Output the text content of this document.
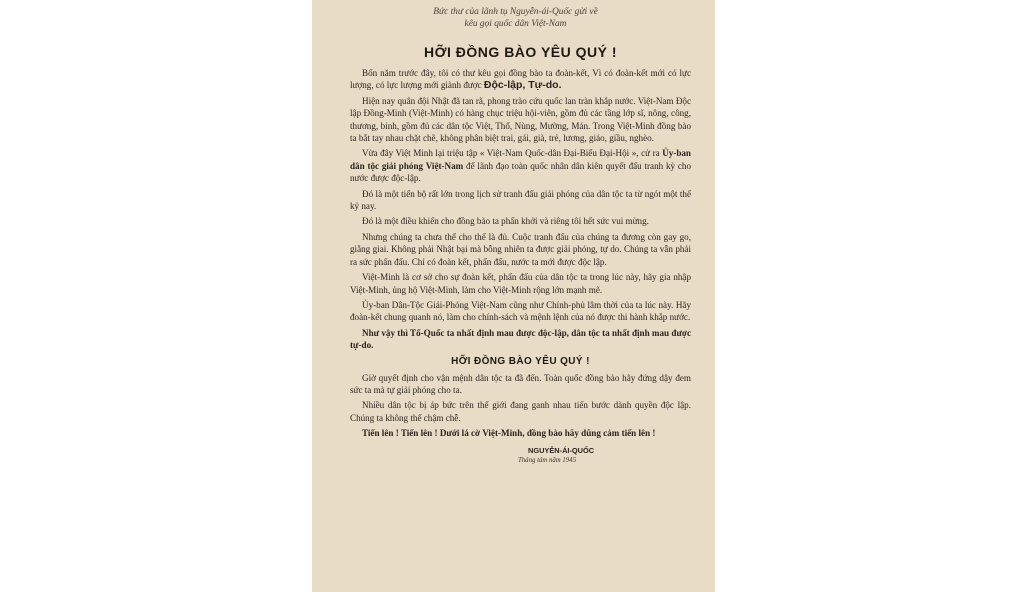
Bức thư của lãnh tụ Nguyễn-ái-Quốc gửi về
kêu gọi quốc dân Việt-Nam
HỠI ĐỒNG BÀO YÊU QUÝ !

Bốn năm trước đây, tôi có thư kêu gọi đồng bào ta đoàn-kết, Vì có đoàn-kết mới có lực lượng, có lực lượng mới giành được Độc-lập, Tự-do.

Hiện nay quân đội Nhật đã tan rã, phong trào cứu quốc lan tràn khắp nước. Việt-Nam Độc lập Đồng-Minh (Việt-Minh) có hàng chục triệu hội-viên, gồm đủ các tầng lớp sĩ, nông, công, thương, binh, gồm đủ các dân tộc Việt, Thổ, Nùng, Mường, Mán. Trong Việt-Minh đồng bào ta bắt tay nhau chặt chẽ, không phân biệt trai, gái, già, trẻ, lương, giáo, giầu, nghèo.

Vừa đây Việt Minh lại triệu tập « Việt-Nam Quốc-dân Đại-Biểu Đại-Hội », cử ra Ủy-ban dân tộc giải phóng Việt-Nam để lãnh đạo toàn quốc nhân dân kiên quyết đấu tranh kỳ cho nước được độc-lập.

Đó là một tiến bộ rất lớn trong lịch sử tranh đấu giải phóng của dân tộc ta từ ngót một thế kỷ nay.

Đó là một điều khiến cho đồng bào ta phấn khởi và riêng tôi hết sức vui mừng.

Nhưng chúng ta chưa thể cho thế là đủ. Cuộc tranh đấu của chúng ta đương còn gay go, giằng giai. Không phải Nhật bại mà bỗng nhiên ta được giải phóng, tự do. Chúng ta vẫn phải ra sức phấn đấu. Chỉ có đoàn kết, phấn đấu, nước ta mới được độc lập.

Việt-Minh là cơ sở cho sự đoàn kết, phấn đấu của dân tộc ta trong lúc này, hãy gia nhập Việt-Minh, ủng hộ Việt-Minh, làm cho Việt-Minh rộng lớn mạnh mẽ.

Ủy-ban Dân-Tộc Giải-Phóng Việt-Nam cũng như Chính-phủ lâm thời của ta lúc này. Hãy đoàn-kết chung quanh nó, làm cho chính-sách và mệnh lệnh của nó được thi hành khắp nước.

Như vậy thì Tổ-Quốc ta nhất định mau được độc-lập, dân tộc ta nhất định mau được tự-do.

HỠI ĐỒNG BÀO YÊU QUÝ !

Giờ quyết định cho vận mệnh dân tộc ta đã đến. Toàn quốc đồng bào hãy đứng dậy đem sức ta mà tự giải phóng cho ta.

Nhiều dân tộc bị áp bức trên thế giới đang ganh nhau tiến bước dành quyền độc lập. Chúng ta không thể chậm chễ.

Tiến lên ! Tiến lên ! Dưới lá cờ Việt-Minh, đồng bào hãy dũng cảm tiến lên !

NGUYỄN-ÁI-QUỐC
Tháng tám năm 1945
